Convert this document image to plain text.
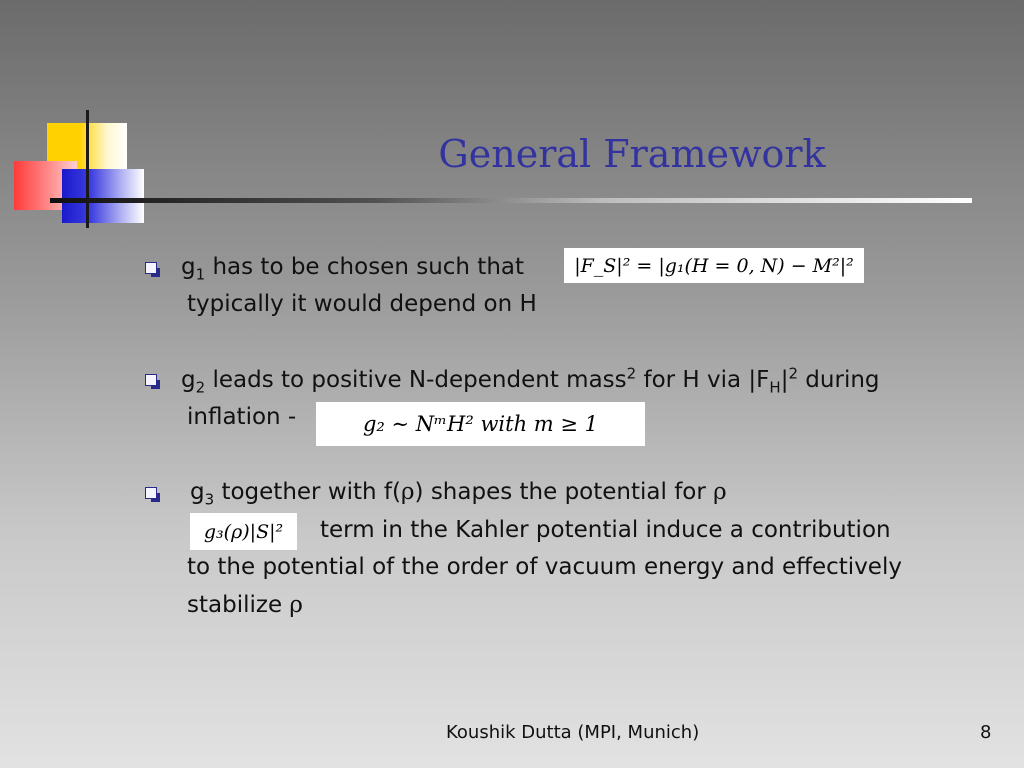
General Framework
$g_1$ has to be chosen such that	|F_S|² = |g₁(H = 0, N) − M²|²
typically it would depend on H
$g_2$ leads to positive N-dependent mass$^2$ for H via $|F_H|^2$ during
inflation -	g₂ ∼ NᵐH² with m ≥ 1
$g_3$ together with f(ρ) shapes the potential for ρ
g₃(ρ)|S|²	term in the Kahler potential induce a contribution
to the potential of the order of vacuum energy and effectively
stabilize ρ
Koushik Dutta (MPI, Munich)	8
